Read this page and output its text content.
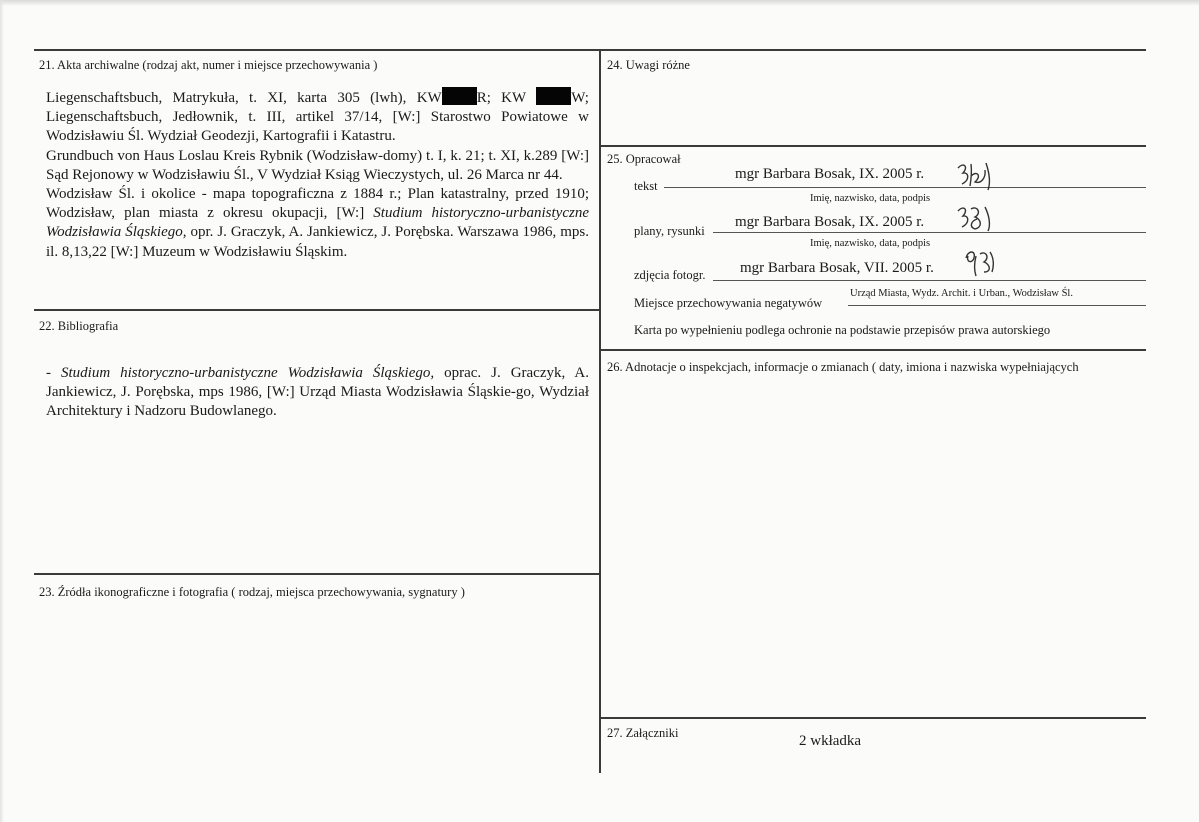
21. Akta archiwalne (rodzaj akt, numer i miejsce przechowywania )

Liegenschaftsbuch, Matrykuła, t. XI, karta 305 (lwh), KW R; KW W; Liegenschaftsbuch, Jedłownik, t. III, artikel 37/14, [W:] Starostwo Powiatowe w Wodzisławiu Śl. Wydział Geodezji, Kartografii i Katastru.

Grundbuch von Haus Loslau Kreis Rybnik (Wodzisław-domy) t. I, k. 21; t. XI, k.289 [W:] Sąd Rejonowy w Wodzisławiu Śl., V Wydział Ksiąg Wieczystych, ul. 26 Marca nr 44.

Wodzisław Śl. i okolice - mapa topograficzna z 1884 r.; Plan katastralny, przed 1910; Wodzisław, plan miasta z okresu okupacji, [W:] Studium historyczno-urbanistyczne Wodzisławia Śląskiego, opr. J. Graczyk, A. Jankiewicz, J. Porębska. Warszawa 1986, mps. il. 8,13,22 [W:] Muzeum w Wodzisławiu Śląskim.

22. Bibliografia

- Studium historyczno-urbanistyczne Wodzisławia Śląskiego, oprac. J. Graczyk, A. Jankiewicz, J. Porębska, mps 1986, [W:] Urząd Miasta Wodzisławia Śląskie-go, Wydział Architektury i Nadzoru Budowlanego.

23. Źródła ikonograficzne i fotografia ( rodzaj, miejsca przechowywania, sygnatury )
24. Uwagi różne
25. Opracował
tekst
mgr Barbara Bosak, IX. 2005 r.
Imię, nazwisko, data, podpis
plany, rysunki
mgr Barbara Bosak, IX. 2005 r.
Imię, nazwisko, data, podpis
zdjęcia fotogr. mgr Barbara Bosak, VII. 2005 r.
Miejsce przechowywania negatywów
Urząd Miasta, Wydz. Archit. i Urban., Wodzisław Śl.
Karta po wypełnieniu podlega ochronie na podstawie przepisów prawa autorskiego
26. Adnotacje o inspekcjach, informacje o zmianach ( daty, imiona i nazwiska wypełniających
27. Załączniki	2 wkładka
